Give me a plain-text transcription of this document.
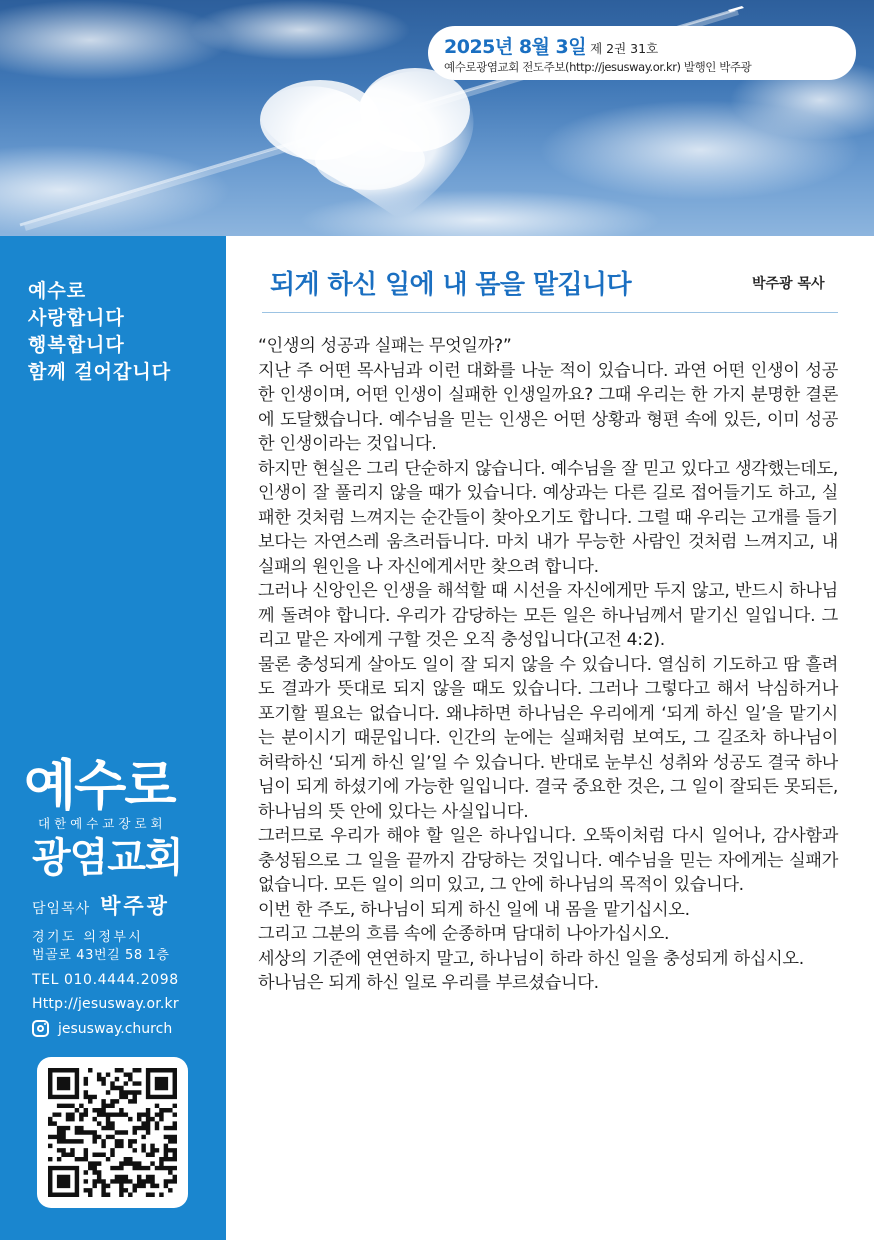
2025년 8월 3일 제 2권 31호
예수로광염교회 전도주보(http://jesusway.or.kr) 발행인 박주광
예수로
사랑합니다
행복합니다
함께 걸어갑니다
예수로
대한예수교장로회
광염교회
담임목사 박주광
경기도 의정부시
범골로 43번길 58 1층
TEL 010.4444.2098
Http://jesusway.or.kr
jesusway.church
되게 하신 일에 내 몸을 맡깁니다	박주광 목사

“인생의 성공과 실패는 무엇일까?”

지난 주 어떤 목사님과 이런 대화를 나눈 적이 있습니다. 과연 어떤 인생이 성공한 인생이며, 어떤 인생이 실패한 인생일까요? 그때 우리는 한 가지 분명한 결론에 도달했습니다. 예수님을 믿는 인생은 어떤 상황과 형편 속에 있든, 이미 성공한 인생이라는 것입니다.

하지만 현실은 그리 단순하지 않습니다. 예수님을 잘 믿고 있다고 생각했는데도, 인생이 잘 풀리지 않을 때가 있습니다. 예상과는 다른 길로 접어들기도 하고, 실패한 것처럼 느껴지는 순간들이 찾아오기도 합니다. 그럴 때 우리는 고개를 들기보다는 자연스레 움츠러듭니다. 마치 내가 무능한 사람인 것처럼 느껴지고, 내 실패의 원인을 나 자신에게서만 찾으려 합니다.

그러나 신앙인은 인생을 해석할 때 시선을 자신에게만 두지 않고, 반드시 하나님께 돌려야 합니다. 우리가 감당하는 모든 일은 하나님께서 맡기신 일입니다. 그리고 맡은 자에게 구할 것은 오직 충성입니다(고전 4:2).

물론 충성되게 살아도 일이 잘 되지 않을 수 있습니다. 열심히 기도하고 땀 흘려도 결과가 뜻대로 되지 않을 때도 있습니다. 그러나 그렇다고 해서 낙심하거나 포기할 필요는 없습니다. 왜냐하면 하나님은 우리에게 ‘되게 하신 일’을 맡기시는 분이시기 때문입니다. 인간의 눈에는 실패처럼 보여도, 그 길조차 하나님이 허락하신 ‘되게 하신 일’일 수 있습니다. 반대로 눈부신 성취와 성공도 결국 하나님이 되게 하셨기에 가능한 일입니다. 결국 중요한 것은, 그 일이 잘되든 못되든, 하나님의 뜻 안에 있다는 사실입니다.

그러므로 우리가 해야 할 일은 하나입니다. 오뚝이처럼 다시 일어나, 감사함과 충성됨으로 그 일을 끝까지 감당하는 것입니다. 예수님을 믿는 자에게는 실패가 없습니다. 모든 일이 의미 있고, 그 안에 하나님의 목적이 있습니다.

이번 한 주도, 하나님이 되게 하신 일에 내 몸을 맡기십시오.

그리고 그분의 흐름 속에 순종하며 담대히 나아가십시오.

세상의 기준에 연연하지 말고, 하나님이 하라 하신 일을 충성되게 하십시오.

하나님은 되게 하신 일로 우리를 부르셨습니다.
